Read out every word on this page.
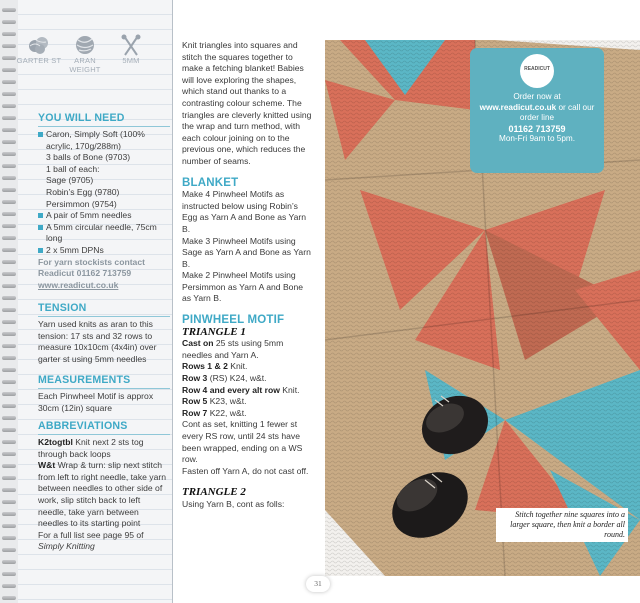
GARTER ST	ARAN WEIGHT
5MM
YOU WILL NEED
Caron, Simply Soft (100% acrylic, 170g/288m)
3 balls of Bone (9703)
1 ball of each:
Sage (9705)
Robin’s Egg (9780)
Persimmon (9754)
A pair of 5mm needles
A 5mm circular needle, 75cm long
2 x 5mm DPNs
For yarn stockists contact Readicut 01162 713759
www.readicut.co.uk
TENSION
Yarn used knits as aran to this tension: 17 sts and 32 rows to measure 10x10cm (4x4in) over garter st using 5mm needles
MEASUREMENTS
Each Pinwheel Motif is approx 30cm (12in) square
ABBREVIATIONS
K2togtbl Knit next 2 sts tog through back loops
W&t Wrap & turn: slip next stitch from left to right needle, take yarn between needles to other side of work, slip stitch back to left needle, take yarn between needles to its starting point
For a full list see page 95 of Simply Knitting
Knit triangles into squares and stitch the squares together to make a fetching blanket! Babies will love exploring the shapes, which stand out thanks to a contrasting colour scheme. The triangles are cleverly knitted using the wrap and turn method, with each colour joining on to the previous one, which reduces the number of seams.
BLANKET
Make 4 Pinwheel Motifs as instructed below using Robin’s Egg as Yarn A and Bone as Yarn B.
Make 3 Pinwheel Motifs using Sage as Yarn A and Bone as Yarn B.
Make 2 Pinwheel Motifs using Persimmon as Yarn A and Bone as Yarn B.
PINWHEEL MOTIF
TRIANGLE 1
Cast on 25 sts using 5mm needles and Yarn A.
Rows 1 & 2 Knit.
Row 3 (RS) K24, w&t.
Row 4 and every alt row Knit.
Row 5 K23, w&t.
Row 7 K22, w&t.
Cont as set, knitting 1 fewer st every RS row, until 24 sts have been wrapped, ending on a WS row.
Fasten off Yarn A, do not cast off.
TRIANGLE 2
Using Yarn B, cont as folls:
READICUT
Order now at
www.readicut.co.uk or call our order line
01162 713759
Mon-Fri 9am to 5pm.
Stitch together nine squares into a larger square, then knit a border all round.
31
